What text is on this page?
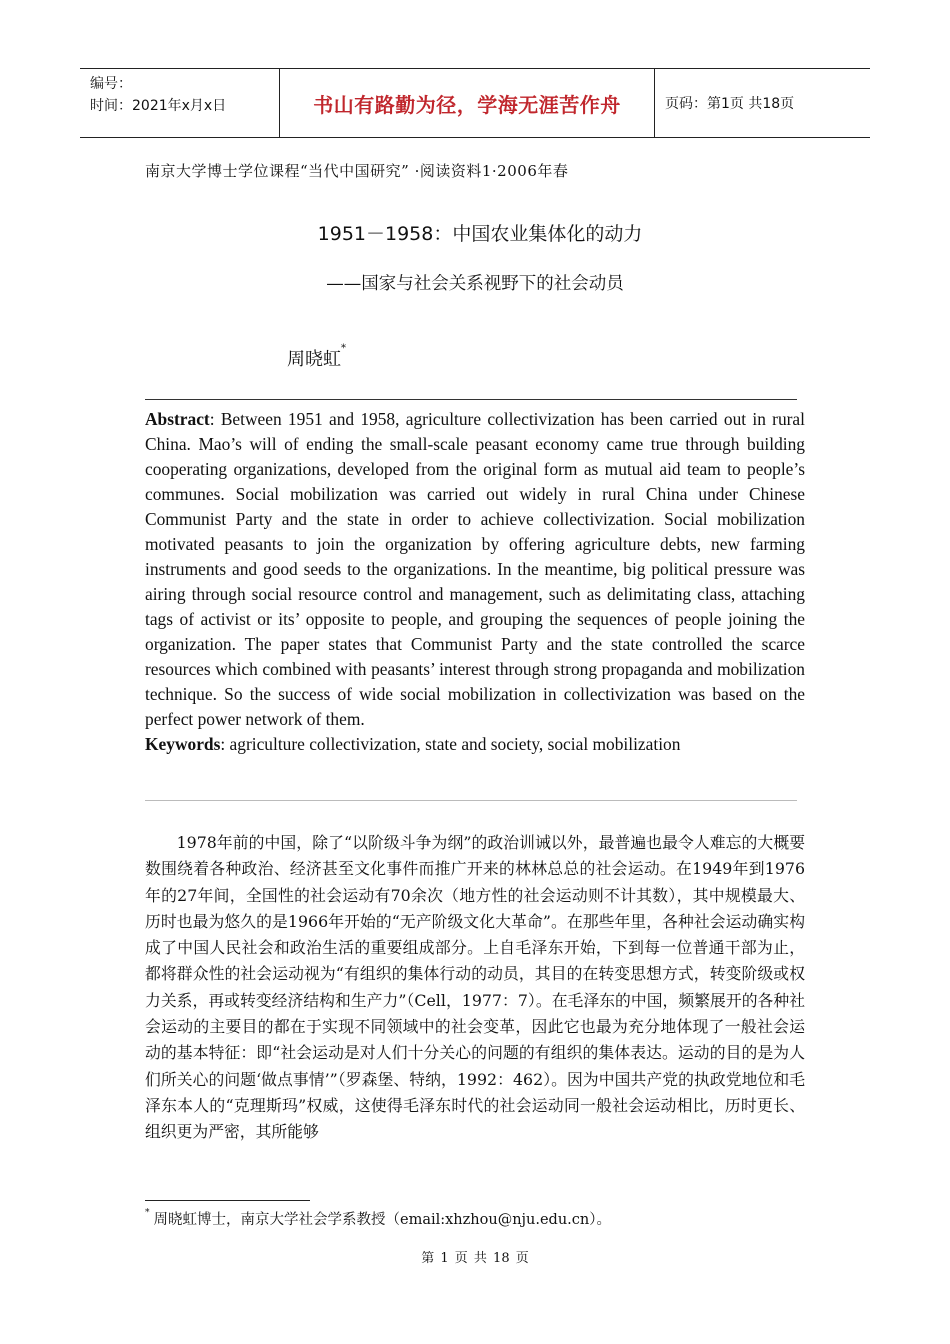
编号：
时间：2021年x月x日	书山有路勤为径，学海无涯苦作舟	页码：第1页 共18页
南京大学博士学位课程“当代中国研究” ·阅读资料1·2006年春
1951－1958：中国农业集体化的动力
——国家与社会关系视野下的社会动员
周晓虹*

Abstract: Between 1951 and 1958, agriculture collectivization has been carried out in rural China. Mao’s will of ending the small-scale peasant economy came true through building cooperating organizations, developed from the original form as mutual aid team to people’s communes. Social mobilization was carried out widely in rural China under Chinese Communist Party and the state in order to achieve collectivization. Social mobilization motivated peasants to join the organization by offering agriculture debts, new farming instruments and good seeds to the organizations. In the meantime, big political pressure was airing through social resource control and management, such as delimitating class, attaching tags of activist or its’ opposite to people, and grouping the sequences of people joining the organization. The paper states that Communist Party and the state controlled the scarce resources which combined with peasants’ interest through strong propaganda and mobilization technique. So the success of wide social mobilization in collectivization was based on the perfect power network of them.

Keywords: agriculture collectivization, state and society, social mobilization

1978年前的中国，除了“以阶级斗争为纲”的政治训诫以外，最普遍也最令人难忘的大概要数围绕着各种政治、经济甚至文化事件而推广开来的林林总总的社会运动。在1949年到1976年的27年间，全国性的社会运动有70余次（地方性的社会运动则不计其数），其中规模最大、历时也最为悠久的是1966年开始的“无产阶级文化大革命”。在那些年里，各种社会运动确实构成了中国人民社会和政治生活的重要组成部分。上自毛泽东开始，下到每一位普通干部为止，都将群众性的社会运动视为“有组织的集体行动的动员，其目的在转变思想方式，转变阶级或权力关系，再或转变经济结构和生产力”（Cell，1977：7）。在毛泽东的中国，频繁展开的各种社会运动的主要目的都在于实现不同领域中的社会变革，因此它也最为充分地体现了一般社会运动的基本特征：即“社会运动是对人们十分关心的问题的有组织的集体表达。运动的目的是为人们所关心的问题‘做点事情’”（罗森堡、特纳，1992：462）。因为中国共产党的执政党地位和毛泽东本人的“克理斯玛”权威，这使得毛泽东时代的社会运动同一般社会运动相比，历时更长、组织更为严密，其所能够

* 周晓虹博士，南京大学社会学系教授（email:xhzhou@nju.edu.cn）。
第 1 页 共 18 页
